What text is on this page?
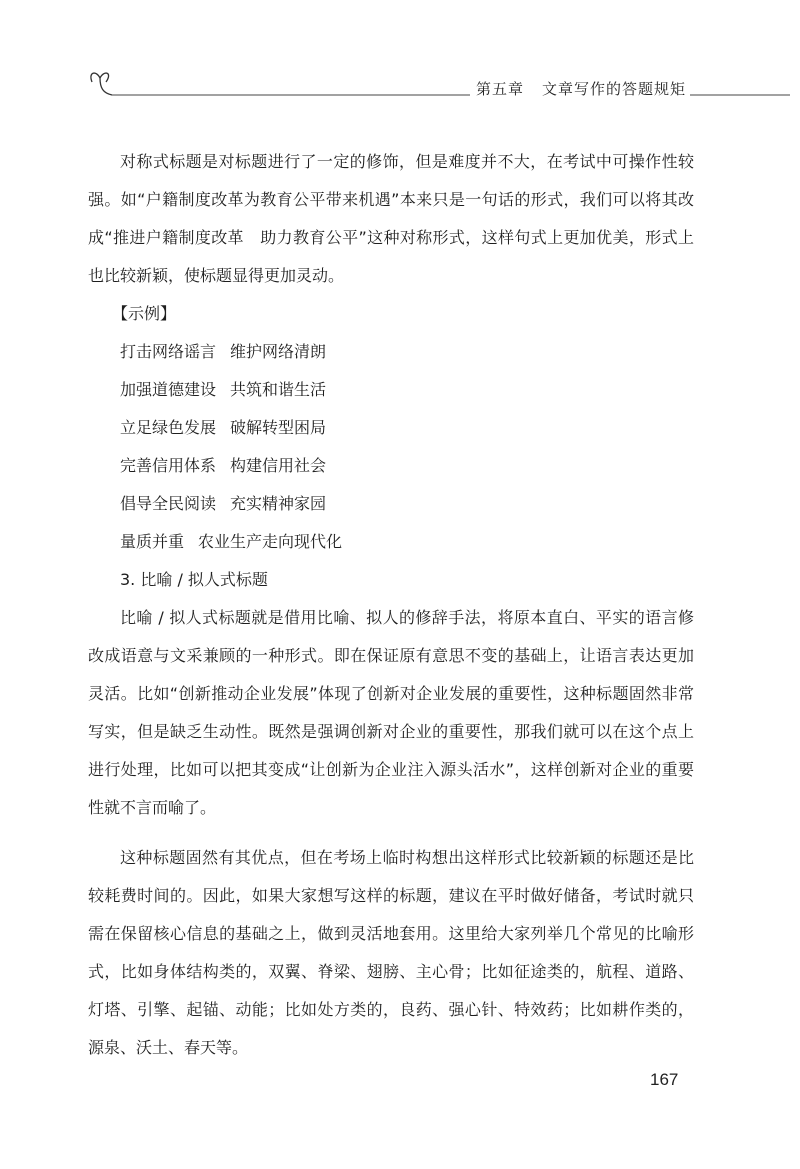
第五章 文章写作的答题规矩

对称式标题是对标题进行了一定的修饰，但是难度并不大，在考试中可操作性较强。如“户籍制度改革为教育公平带来机遇”本来只是一句话的形式，我们可以将其改成“推进户籍制度改革　助力教育公平”这种对称形式，这样句式上更加优美，形式上也比较新颖，使标题显得更加灵动。

【示例】

打击网络谣言 维护网络清朗
加强道德建设 共筑和谐生活
立足绿色发展 破解转型困局
完善信用体系 构建信用社会
倡导全民阅读 充实精神家园
量质并重 农业生产走向现代化

3. 比喻 / 拟人式标题

比喻 / 拟人式标题就是借用比喻、拟人的修辞手法，将原本直白、平实的语言修改成语意与文采兼顾的一种形式。即在保证原有意思不变的基础上，让语言表达更加灵活。比如“创新推动企业发展”体现了创新对企业发展的重要性，这种标题固然非常写实，但是缺乏生动性。既然是强调创新对企业的重要性，那我们就可以在这个点上进行处理，比如可以把其变成“让创新为企业注入源头活水”，这样创新对企业的重要性就不言而喻了。

这种标题固然有其优点，但在考场上临时构想出这样形式比较新颖的标题还是比较耗费时间的。因此，如果大家想写这样的标题，建议在平时做好储备，考试时就只需在保留核心信息的基础之上，做到灵活地套用。这里给大家列举几个常见的比喻形式，比如身体结构类的，双翼、脊梁、翅膀、主心骨；比如征途类的，航程、道路、灯塔、引擎、起锚、动能；比如处方类的，良药、强心针、特效药；比如耕作类的，源泉、沃土、春天等。

167
